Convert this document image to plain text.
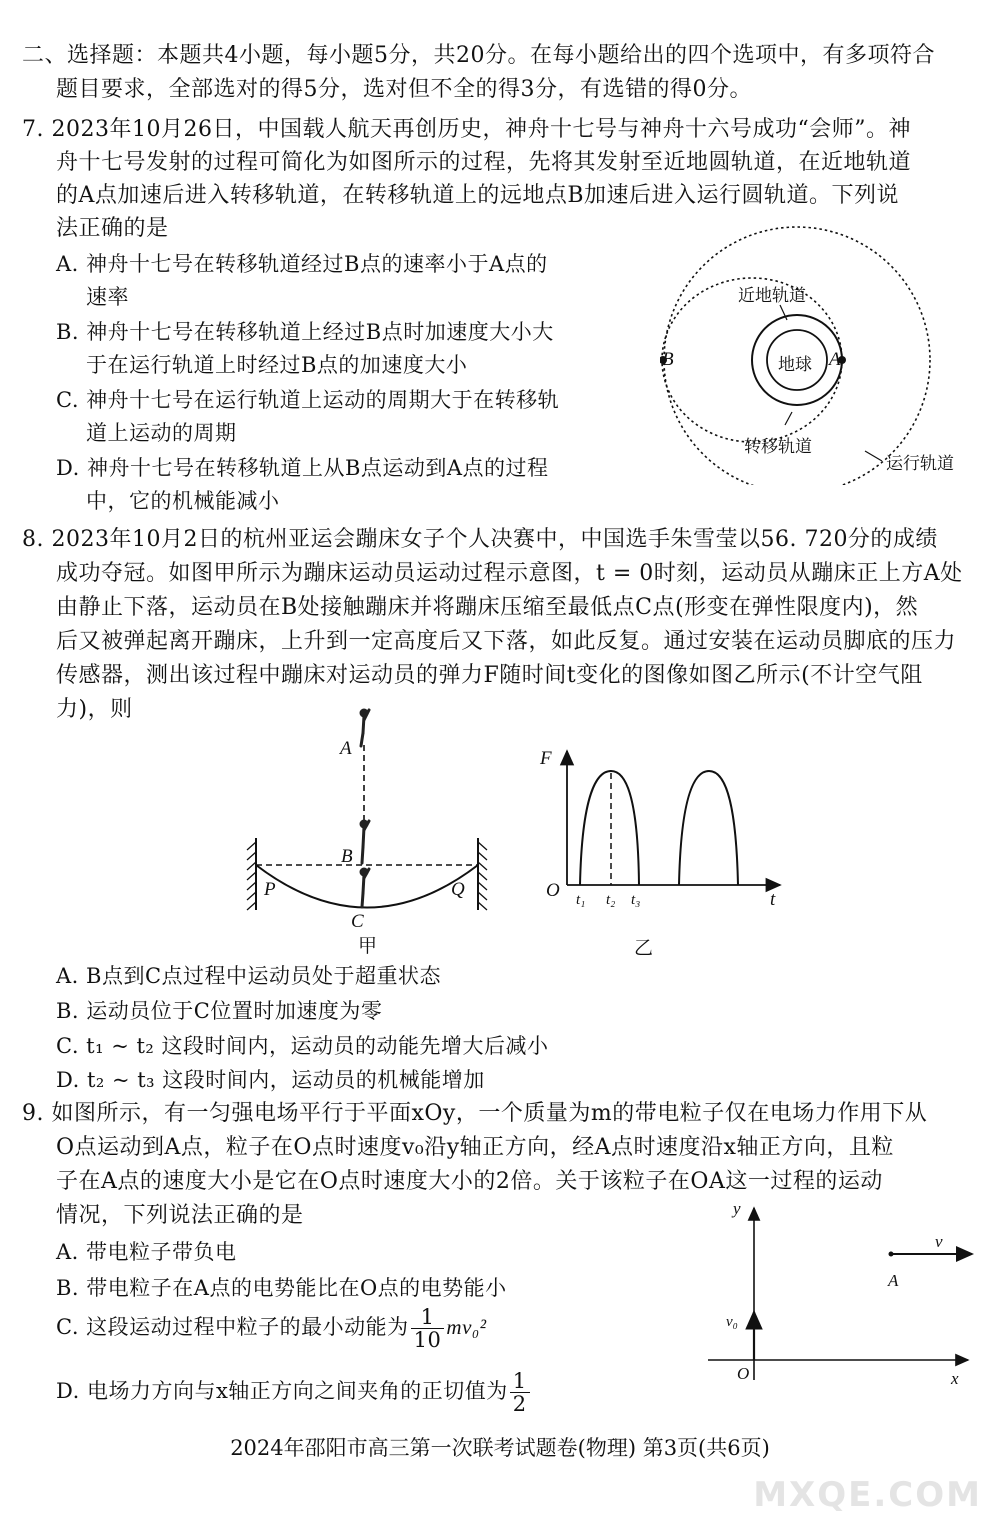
二、选择题：本题共4小题，每小题5分，共20分。在每小题给出的四个选项中，有多项符合
题目要求，全部选对的得5分，选对但不全的得3分，有选错的得0分。
7. 2023年10月26日，中国载人航天再创历史，神舟十七号与神舟十六号成功“会师”。神
舟十七号发射的过程可简化为如图所示的过程，先将其发射至近地圆轨道，在近地轨道
的A点加速后进入转移轨道，在转移轨道上的远地点B加速后进入运行圆轨道。下列说
法正确的是
A. 神舟十七号在转移轨道经过B点的速率小于A点的
速率
B. 神舟十七号在转移轨道上经过B点时加速度大小大
于在运行轨道上时经过B点的加速度大小
C. 神舟十七号在运行轨道上运动的周期大于在转移轨
道上运动的周期
D. 神舟十七号在转移轨道上从B点运动到A点的过程
中，它的机械能减小
近地轨道
地球 A
B
转移轨道
运行轨道
8. 2023年10月2日的杭州亚运会蹦床女子个人决赛中，中国选手朱雪莹以56. 720分的成绩
成功夺冠。如图甲所示为蹦床运动员运动过程示意图，t = 0时刻，运动员从蹦床正上方A处
由静止下落，运动员在B处接触蹦床并将蹦床压缩至最低点C点(形变在弹性限度内)，然
后又被弹起离开蹦床，上升到一定高度后又下落，如此反复。通过安装在运动员脚底的压力
传感器，测出该过程中蹦床对运动员的弹力F随时间t变化的图像如图乙所示(不计空气阻
力)，则
A
B
C
P	Q
甲
F
O	t
t₁ t₂ t₃
乙
A. B点到C点过程中运动员处于超重状态
B. 运动员位于C位置时加速度为零
C. t₁ ~ t₂ 这段时间内，运动员的动能先增大后减小
D. t₂ ~ t₃ 这段时间内，运动员的机械能增加
9. 如图所示，有一匀强电场平行于平面xOy，一个质量为m的带电粒子仅在电场力作用下从
O点运动到A点，粒子在O点时速度v₀沿y轴正方向，经A点时速度沿x轴正方向，且粒
子在A点的速度大小是它在O点时速度大小的2倍。关于该粒子在OA这一过程的运动
情况，下列说法正确的是
A. 带电粒子带负电
B. 带电粒子在A点的电势能比在O点的电势能小
C. 这段运动过程中粒子的最小动能为 $\frac{1}{10} mv_0^2$
D. 电场力方向与x轴正方向之间夹角的正切值为 $\frac{1}{2}$
y
x
O
v
A
v₀
2024年邵阳市高三第一次联考试题卷(物理) 第3页(共6页)
MXQE.COM
